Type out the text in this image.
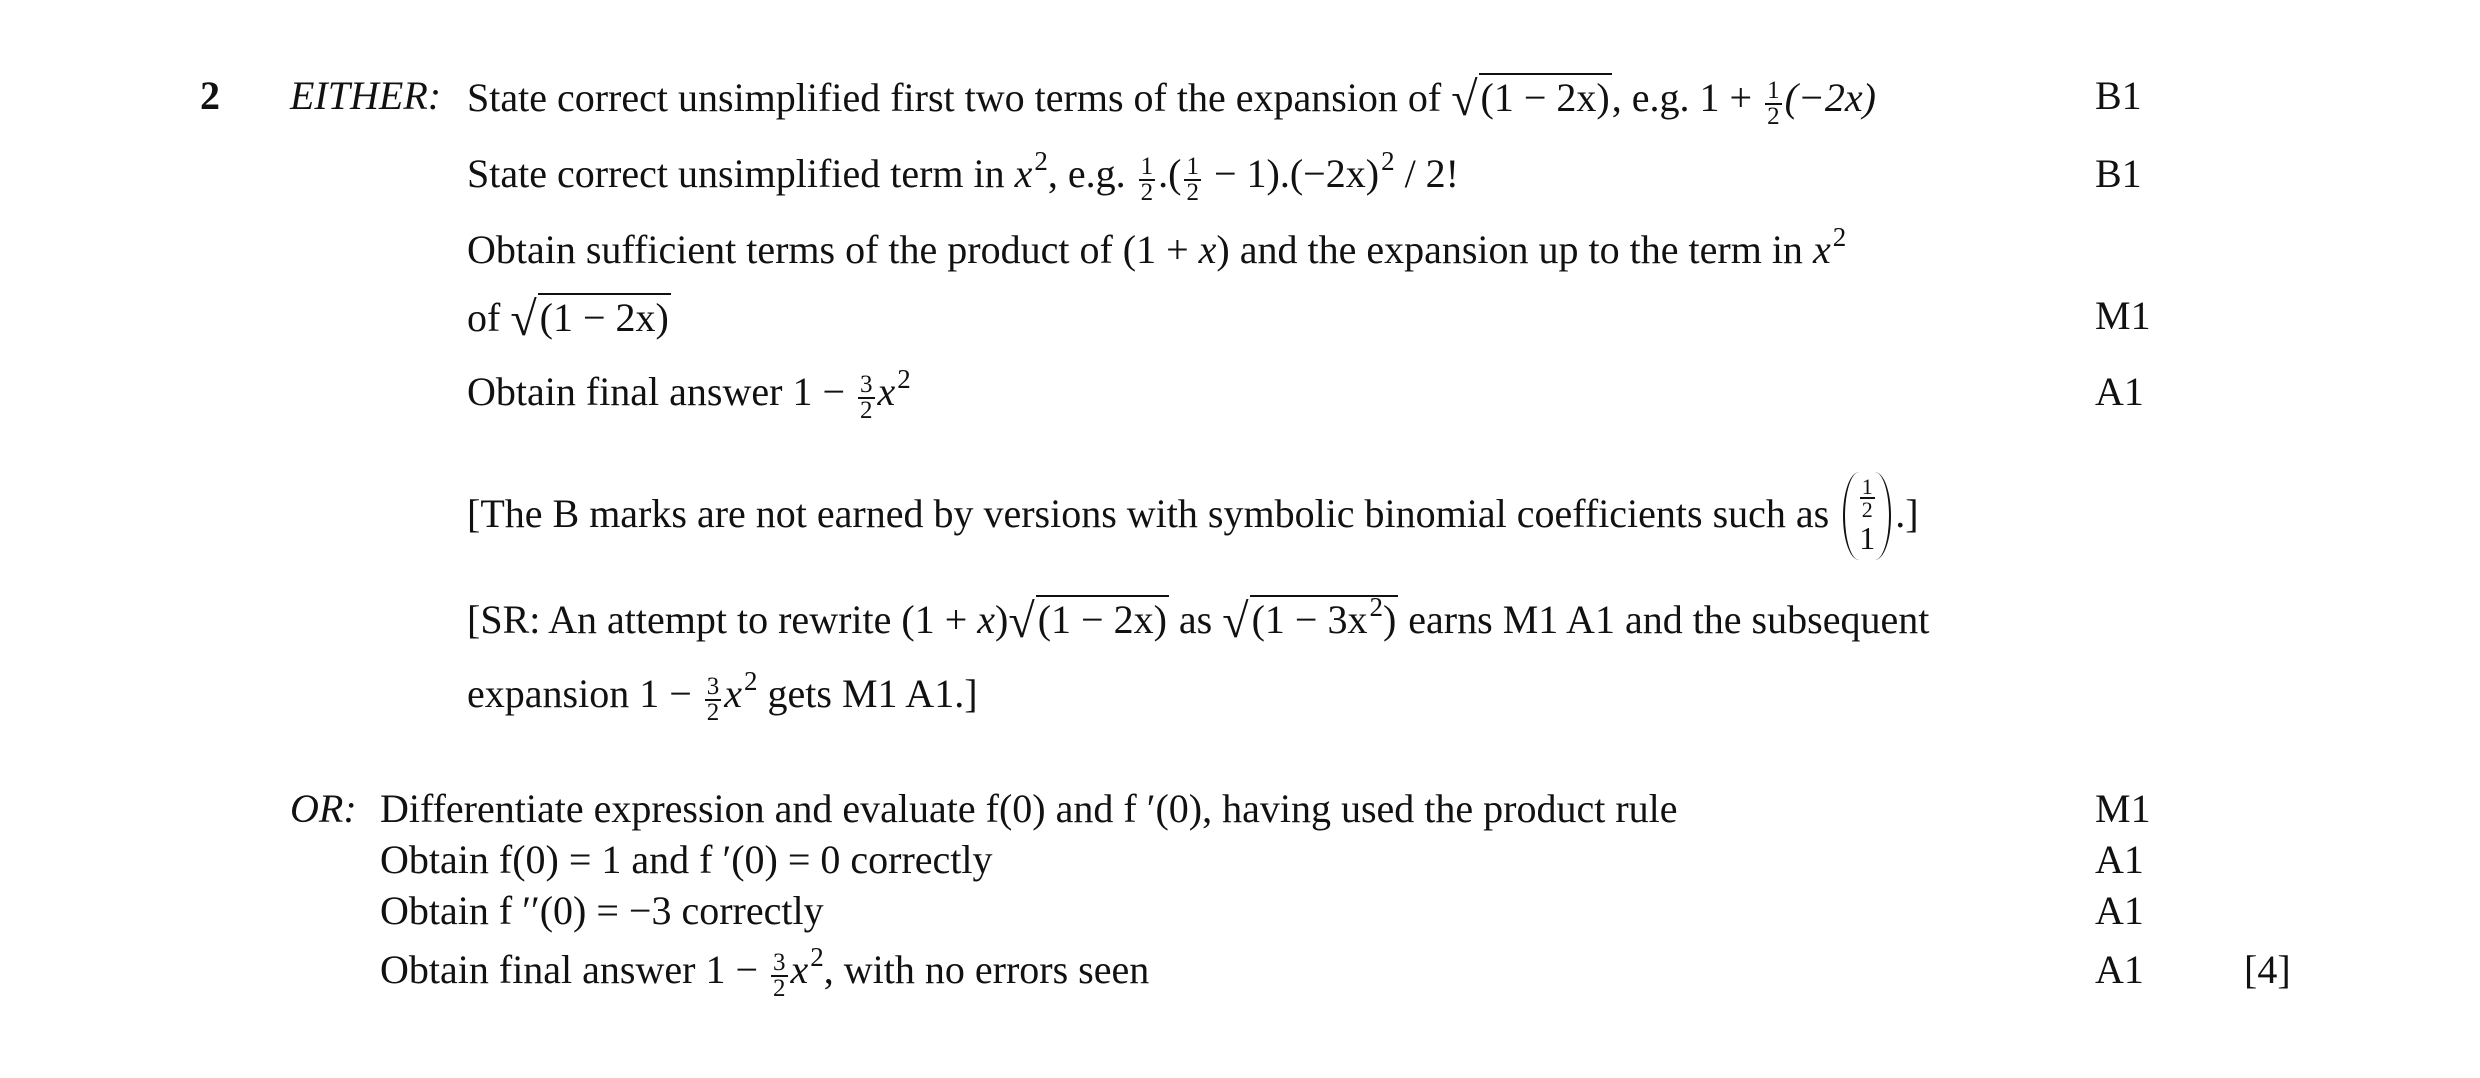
2 EITHER: State correct unsimplified first two terms of the expansion of √(1 − 2x), e.g. $1 + \frac{1}{2} (-2x)$	B1
State correct unsimplified term in $x^2$, e.g. $\frac{1}{2}$ .( $\frac{1}{2} - 1).(-2x)^2 / 2$!	B1
Obtain sufficient terms of the product of (1 + x) and the expansion up to the term in $x^2$
of √(1 − 2x)	M1
Obtain final answer $1 - \frac{3}{2} x^2$	A1
[The B marks are not earned by versions with symbolic binomial coefficients such as $\frac{1}{2}$
1
.]
[SR: An attempt to rewrite (1 + x)√(1 − 2x) as $√(1 - 3x^2)$ earns M1 A1 and the subsequent
expansion $1 - \frac{3}{2} x^2$ gets M1 A1.]
OR: Differentiate expression and evaluate f(0) and f ′(0), having used the product rule	M1
Obtain f(0) = 1 and f ′(0) = 0 correctly	A1
Obtain f ′′(0) = −3 correctly	A1
Obtain final answer $1 - \frac{3}{2} x^2$, with no errors seen	A1	[4]
